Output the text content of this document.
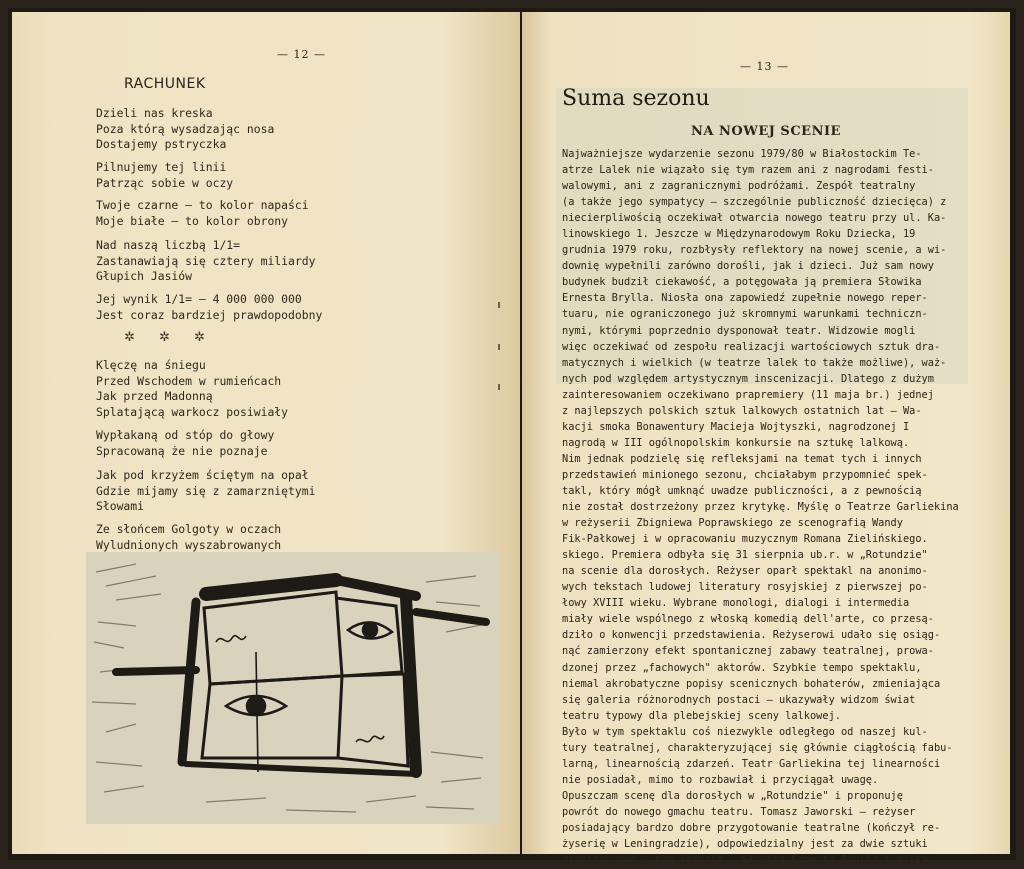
— 12 —
RACHUNEK
Dzieli nas kreska
Poza którą wysadzając nosa
Dostajemy pstryczka
Pilnujemy tej linii
Patrząc sobie w oczy
Twoje czarne — to kolor napaści
Moje białe — to kolor obrony
Nad naszą liczbą 1/1=
Zastanawiają się cztery miliardy
Głupich Jasiów
Jej wynik 1/1= — 4 000 000 000
Jest coraz bardziej prawdopodobny
✲ ✲ ✲
Klęczę na śniegu
Przed Wschodem w rumieńcach
Jak przed Madonną
Splatającą warkocz posiwiały
Wypłakaną od stóp do głowy
Spracowaną że nie poznaje
Jak pod krzyżem ściętym na opał
Gdzie mijamy się z zamarzniętymi
Słowami
Ze słońcem Golgoty w oczach
Wyludnionych wyszabrowanych
— 13 —
Suma sezonu
NA NOWEJ SCENIE
Najważniejsze wydarzenie sezonu 1979/80 w Białostockim Te-
atrze Lalek nie wiązało się tym razem ani z nagrodami festi-
walowymi, ani z zagranicznymi podróżami. Zespół teatralny
(a także jego sympatycy — szczególnie publiczność dziecięca) z
niecierpliwością oczekiwał otwarcia nowego teatru przy ul. Ka-
linowskiego 1. Jeszcze w Międzynarodowym Roku Dziecka, 19
grudnia 1979 roku, rozbłysły reflektory na nowej scenie, a wi-
downię wypełnili zarówno dorośli, jak i dzieci. Już sam nowy
budynek budził ciekawość, a potęgowała ją premiera Słowika
Ernesta Brylla. Niosła ona zapowiedź zupełnie nowego reper-
tuaru, nie ograniczonego już skromnymi warunkami techniczn-
nymi, którymi poprzednio dysponował teatr. Widzowie mogli
więc oczekiwać od zespołu realizacji wartościowych sztuk dra-
matycznych i wielkich (w teatrze lalek to także możliwe), waż-
nych pod względem artystycznym inscenizacji. Dlatego z dużym
zainteresowaniem oczekiwano prapremiery (11 maja br.) jednej
z najlepszych polskich sztuk lalkowych ostatnich lat — Wa-
kacji smoka Bonawentury Macieja Wojtyszki, nagrodzonej I
nagrodą w III ogólnopolskim konkursie na sztukę lalkową.
Nim jednak podzielę się refleksjami na temat tych i innych
przedstawień minionego sezonu, chciałabym przypomnieć spek-
takl, który mógł umknąć uwadze publiczności, a z pewnością
nie został dostrzeżony przez krytykę. Myślę o Teatrze Garliekina
w reżyserii Zbigniewa Poprawskiego ze scenografią Wandy
Fik-Pałkowej i w opracowaniu muzycznym Romana Zielińskiego.
skiego. Premiera odbyła się 31 sierpnia ub.r. w „Rotundzie"
na scenie dla dorosłych. Reżyser oparł spektakl na anonimo-
wych tekstach ludowej literatury rosyjskiej z pierwszej po-
łowy XVIII wieku. Wybrane monologi, dialogi i intermedia
miały wiele wspólnego z włoską komedią dell'arte, co przesą-
dziło o konwencji przedstawienia. Reżyserowi udało się osiąg-
nąć zamierzony efekt spontanicznej zabawy teatralnej, prowa-
dzonej przez „fachowych" aktorów. Szybkie tempo spektaklu,
niemal akrobatyczne popisy scenicznych bohaterów, zmieniająca
się galeria różnorodnych postaci — ukazywały widzom świat
teatru typowy dla plebejskiej sceny lalkowej.
Było w tym spektaklu coś niezwykle odległego od naszej kul-
tury teatralnej, charakteryzującej się głównie ciągłością fabu-
larną, linearnością zdarzeń. Teatr Garliekina tej linearności
nie posiadał, mimo to rozbawiał i przyciągał uwagę.
Opuszczam scenę dla dorosłych w „Rotundzie" i proponuję
powrót do nowego gmachu teatru. Tomasz Jaworski — reżyser
posiadający bardzo dobre przygotowanie teatralne (kończył re-
żyserię w Leningradzie), odpowiedzialny jest za dwie sztuki
zrealizowane w tym sezonie — Słowika Ernesta Brylla i Wilka,
